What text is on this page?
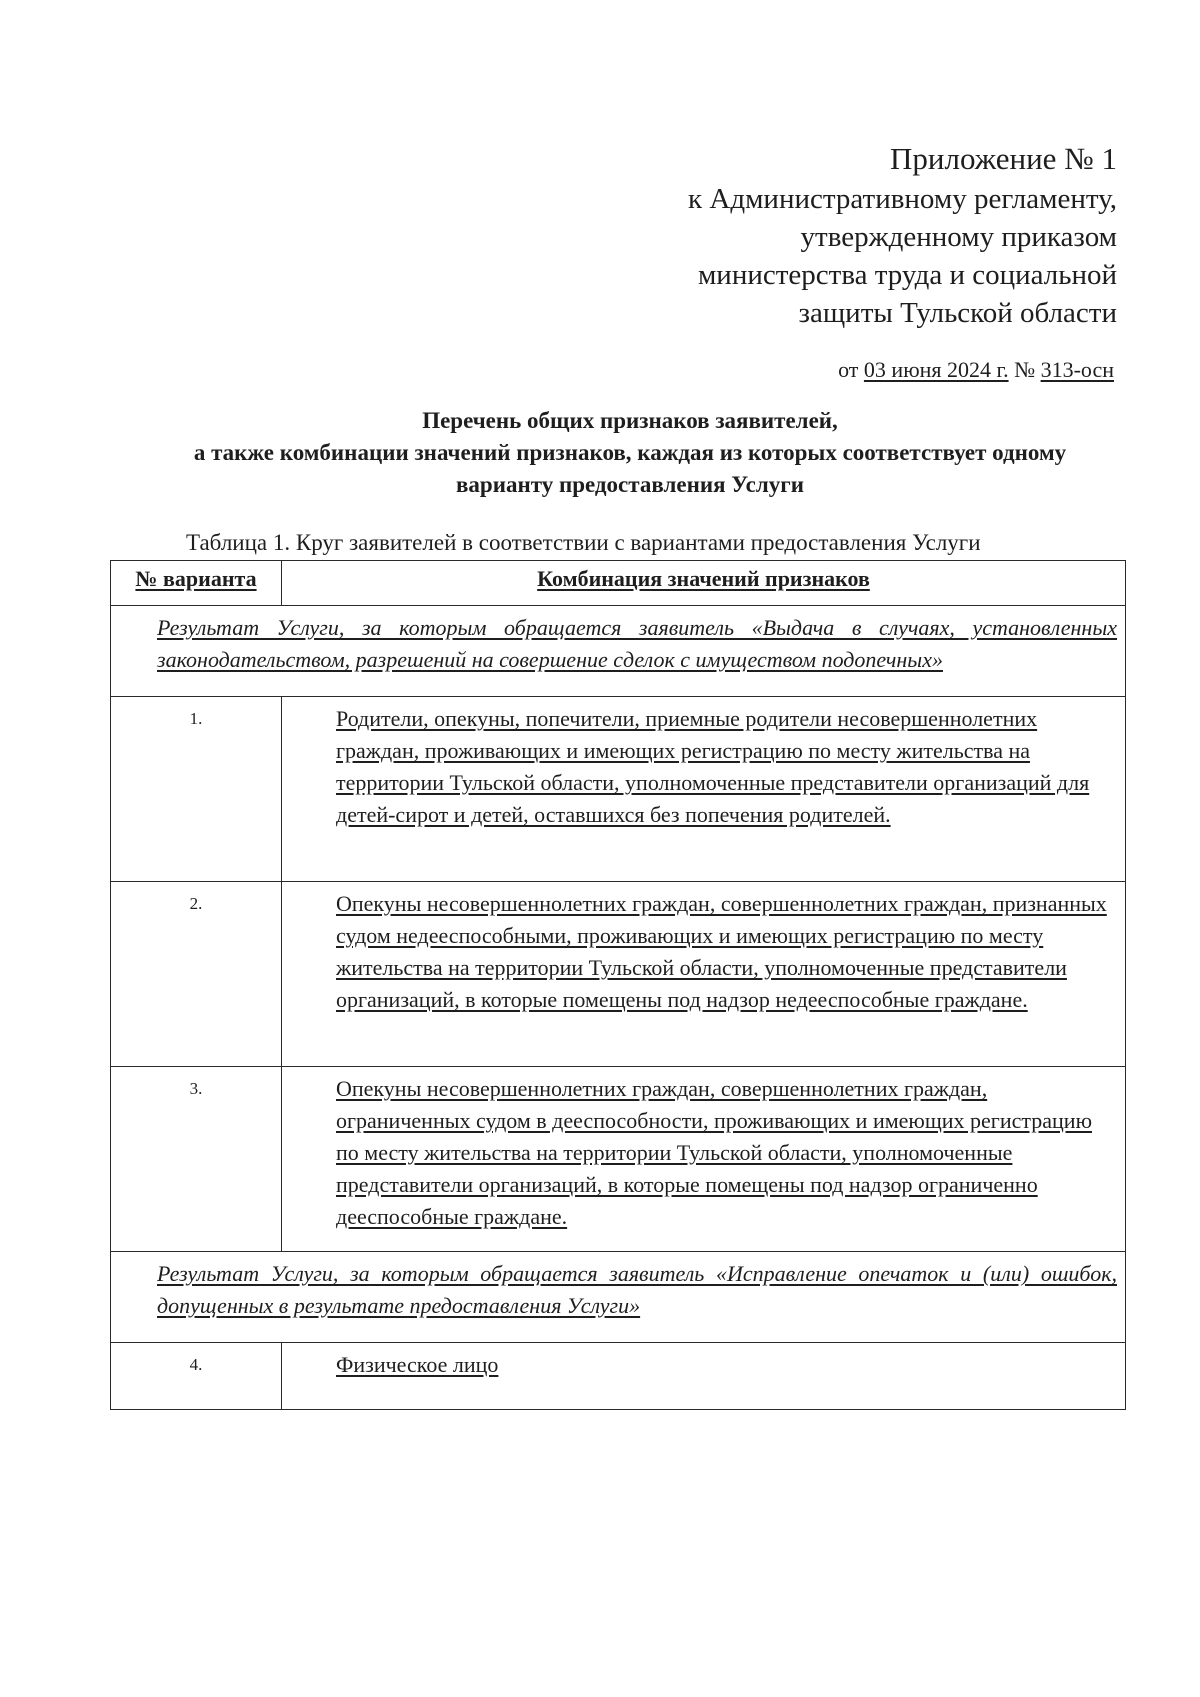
Приложение № 1
к Административному регламенту,
утвержденному приказом
министерства труда и социальной
защиты Тульской области
от 03 июня 2024 г. № 313-осн
Перечень общих признаков заявителей,
а также комбинации значений признаков, каждая из которых соответствует одному
варианту предоставления Услуги
Таблица 1. Круг заявителей в соответствии с вариантами предоставления Услуги
№ варианта	Комбинация значений признаков

Результат Услуги, за которым обращается заявитель «Выдача в случаях, установленных законодательством, разрешений на совершение сделок с имуществом подопечных»	
1.	Родители, опекуны, попечители, приемные родители несовершеннолетних граждан, проживающих и имеющих регистрацию по месту жительства на территории Тульской области, уполномоченные представители организаций для детей-сирот и детей, оставшихся без попечения родителей.
2.	Опекуны несовершеннолетних граждан, совершеннолетних граждан, признанных судом недееспособными, проживающих и имеющих регистрацию по месту жительства на территории Тульской области, уполномоченные представители организаций, в которые помещены под надзор недееспособные граждане.
3.	Опекуны несовершеннолетних граждан, совершеннолетних граждан, ограниченных судом в дееспособности, проживающих и имеющих регистрацию по месту жительства на территории Тульской области, уполномоченные представители организаций, в которые помещены под надзор ограниченно дееспособные граждане.
Результат Услуги, за которым обращается заявитель «Исправление опечаток и (или) ошибок, допущенных в результате предоставления Услуги»	
4.	Физическое лицо
